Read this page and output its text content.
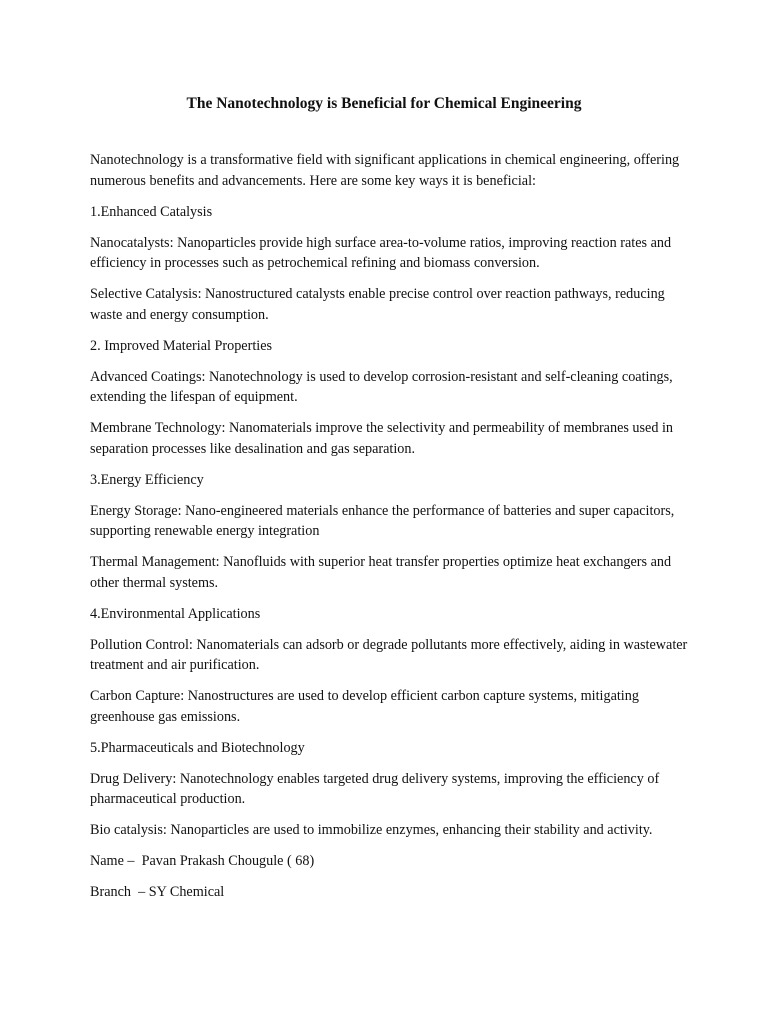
The Nanotechnology is Beneficial for Chemical Engineering

Nanotechnology is a transformative field with significant applications in chemical engineering, offering numerous benefits and advancements. Here are some key ways it is beneficial:

1.Enhanced Catalysis

Nanocatalysts: Nanoparticles provide high surface area-to-volume ratios, improving reaction rates and efficiency in processes such as petrochemical refining and biomass conversion.

Selective Catalysis: Nanostructured catalysts enable precise control over reaction pathways, reducing waste and energy consumption.

2. Improved Material Properties

Advanced Coatings: Nanotechnology is used to develop corrosion-resistant and self-cleaning coatings, extending the lifespan of equipment.

Membrane Technology: Nanomaterials improve the selectivity and permeability of membranes used in separation processes like desalination and gas separation.

3.Energy Efficiency

Energy Storage: Nano-engineered materials enhance the performance of batteries and super capacitors, supporting renewable energy integration

Thermal Management: Nanofluids with superior heat transfer properties optimize heat exchangers and other thermal systems.

4.Environmental Applications

Pollution Control: Nanomaterials can adsorb or degrade pollutants more effectively, aiding in wastewater treatment and air purification.

Carbon Capture: Nanostructures are used to develop efficient carbon capture systems, mitigating greenhouse gas emissions.

5.Pharmaceuticals and Biotechnology

Drug Delivery: Nanotechnology enables targeted drug delivery systems, improving the efficiency of pharmaceutical production.

Bio catalysis: Nanoparticles are used to immobilize enzymes, enhancing their stability and activity.

Name –  Pavan Prakash Chougule ( 68)

Branch  – SY Chemical
